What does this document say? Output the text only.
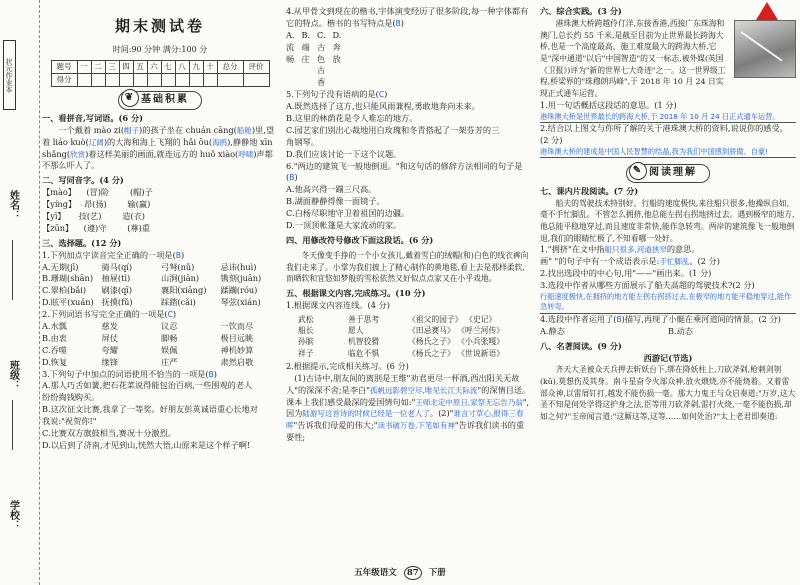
状元作业本
姓名：
班级：
学校：
期末测试卷
时间:90 分钟 满分:100 分
题号	一	二	三	四	五	六	七	八	九	十	总分	评价
得分												
❦ 基础积累
一、看拼音,写词语。(6 分)
一个戴着 mào zi(帽子)的孩子坐在 chuán cāng(船舱)里,望着 liáo kuò(辽阔)的大海和海上飞翔的 hǎi ōu(海鸥),静静地 xīn shǎng(欣赏)着这样美丽的画面,就连远方的 huǒ xiào(呼啸)声都不那么吓人了。
二、写同音字。(4 分)
【mào】    (冒)险        (帽)子
【yíng】   昂(扬)        输(赢)
【yī】     技(艺)        造(衣)
【zūn】    (遵)守        (尊)重
三、选择题。(12 分)
1.下列加点字读音完全正确的一项是(B)
A.无期(jī)	骑马(qí)	弓弩(nǔ)	忌讳(huì)
B.珊瑚(shān)	抽屉(tì)	山涧(jiàn)	镌刻(juān)
C.翠柏(bǎi)	刷漆(qī)	襄阳(xiāng)	蹂躏(róu)
D.眩平(xuán) 抚摸(fǔ)	踩踏(cǎi)	琴弦(xián)
2.下列词语书写完全正确的一项是(C)
A.水瓢	慈发	议忍	一饮而尽
B.由衷	屏仗	脚畅	极目远眺
C.吞噬	夸耀	娱佩	神机妙算
D.恢复	缘锋	庄严	肃然启敬
3.下列句子中加点的词语使用不恰当的一项是(B)
A.那人巧舌如簧,把石花菜说得能包治百病,一些围观的老人
纷纷掏钱购买。
B.这次征文比赛,我拿了一等奖。好朋友彭英诚语重心长地对
我说:"祝贺你!"
C.比赛双方旗鼓相当,赛况十分激烈。
D.以后到了济南,才见到山,恍然大悟,山原来是这个样子啊!
4.从甲骨文到现在的楷书,字体演变经历了很多阶段,每一种字体都有它的特点。楷书的书写特点是(B)
A.流畅
B.端庄
C.古色古香
D.奔放
5.下列句子没有语病的是(C)
A.既然选择了这方,也只能风雨兼程,勇敢地奔向未来。
B.这里的林荫花是令人难忘的地方。
C.园艺家们别出心裁地用白玫瑰和冬青搭起了一架芬芳的三
角钢琴。
D.我们应该讨论一下这个议题。
6."两边的建筑飞一般地倒退。"和这句话的修辞方法相同的句子是(B)
A.他高兴得一蹦三尺高。
B.湖面静静得像一面镜子。
C.白杨尽职地守卫着祖国的边疆。
D.一顶顶帐篷是大家流动的家。
四、用修改符号修改下面这段话。(6 分)
冬天像变手挣的一个小女孩儿,戴着雪白的绒帽(和)白色的线衣裤向我们走来了。小掌为我们披上了精心制作的黄地毯,看上去是那样柔软,而晒软和宜悠如梦般的雪松依然又好似点点家又在小乎戏地。
五、根据课文内容,完成练习。(10 分)
1.根据课文内容连线。(4 分)
武松	善于思考	《祖父的园子》 《史记》
船长	愿人	《田忌赛马》 《呼兰河传》
孙膑	机智狡猾	《杨氏之子》 《小兵张嘎》
祥子	临危不惧	《杨氏之子》 《世说新语》
2.根据提示,完成相关练习。(6 分)
(1)古诗中,朋友间的离别是王维"劝君更尽一杯酒,西出阳关无故人"的深深不舍;是李白"孤帆远影碧空尽,唯见长江天际流"的深情目送。课本上我们感受最深的爱国情句如:"王师北定中原日,家祭无忘告乃翁",因为陆游写这首诗的时候已经是一位老人了。(2)"谁言寸草心,报得三春晖"告诉我们母爱的伟大;"读书破万卷,下笔如有神"告诉我们读书的重要性;
六、综合实践。(3 分)
港珠澳大桥跨越伶仃洋,东接香港,西接广东珠海和澳门,总长约 55 千米,是截至目前为止世界最长跨海大桥,也是一个高度最高、施工难度最大的跨海大桥,它是"深中通道"以后"中国智造"的又一标志,被外媒(英国《卫报》)评为"新的世界七大奇迹"之一。这一世界级工程,桥梁界的"珠穆朗玛峰",于 2018 年 10 月 24 日实现正式通车运营。
1.用一句话概括这段话的意思。(1 分)
港珠澳大桥是世界最长的跨海大桥,于 2018 年 10 月 24 日正式通车运营。
2.结合以上图文与你所了解的关于港珠澳大桥的资料,说说你的感受。(2 分)
港珠澳大桥的建成是中国人民智慧的结晶,我为我们中国感到骄傲、自豪!
✎ 阅读理解
七、课内片段阅读。(7 分)
船夫的驾驶技术特别好。行船的速度极快,来往船只很多,他操纵自如,毫不手忙脚乱。不管怎么拥挤,他总能左拐右拐地挤过去。遇到极窄的地方,他总能平稳地穿过,而且速度非常快,能作急转弯。两岸的建筑像飞一般地倒退,我们的眼睛忙极了,不知看哪一处好。
1."拥挤"在文中指船只很多,河道狭窄的意思。
画" "的句子中有一个成语表示是:手忙脚乱。(2 分)
2.找出选段中的中心句,用"——"画出来。(1 分)
3.选段中作者从哪些方面展示了船夫高超的驾驶技术?(2 分)
行船速度极快,在拥挤的地方能左拐右拐挤过去,在极窄的地方能平稳地穿过,能作急转弯。
4.选段中作者运用了(B)描写,再现了小艇在乘河道间的情景。(2 分)
A.静态	B.动态
八、名著阅读。(9 分)
西游记(节选)
齐天大圣被众天兵押去斩妖台下,绑在降妖柱上,刀砍斧剁,枪刺剑刳(kū),莫想伤及其身。南斗星奋令火部众神,放火煨烧,亦不能烧着。又着雷部众神,以雷屑钉打,越发不能伤损一毫。那大力鬼王与众启奏道:"万岁,这大圣不知是何处学得这护身之法,臣等用刀砍斧剁,雷打火烧,一毫不能伤损,却如之何?"玉帝闻言道:"这厮这等,这等……如何处治?"太上老君即奏道:
五年级语文 87 下册
